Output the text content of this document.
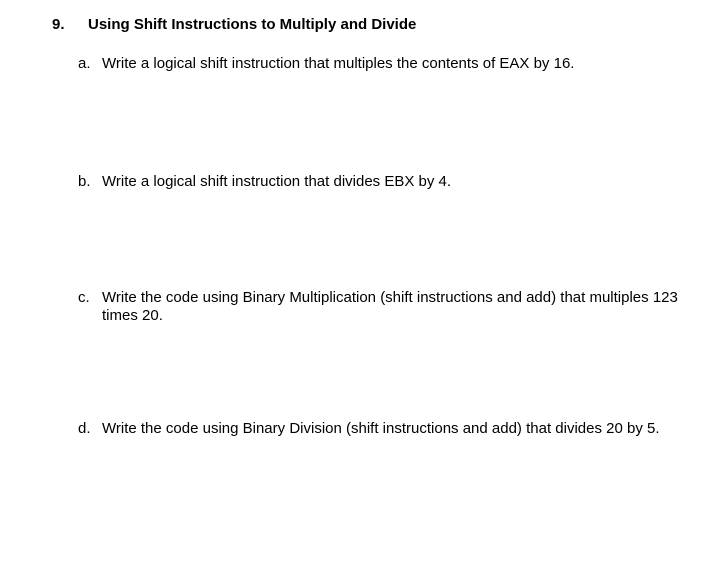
9. Using Shift Instructions to Multiply and Divide
a. Write a logical shift instruction that multiples the contents of EAX by 16.
b. Write a logical shift instruction that divides EBX by 4.
c. Write the code using Binary Multiplication (shift instructions and add) that multiples 123 times 20.
d. Write the code using Binary Division (shift instructions and add) that divides 20 by 5.
